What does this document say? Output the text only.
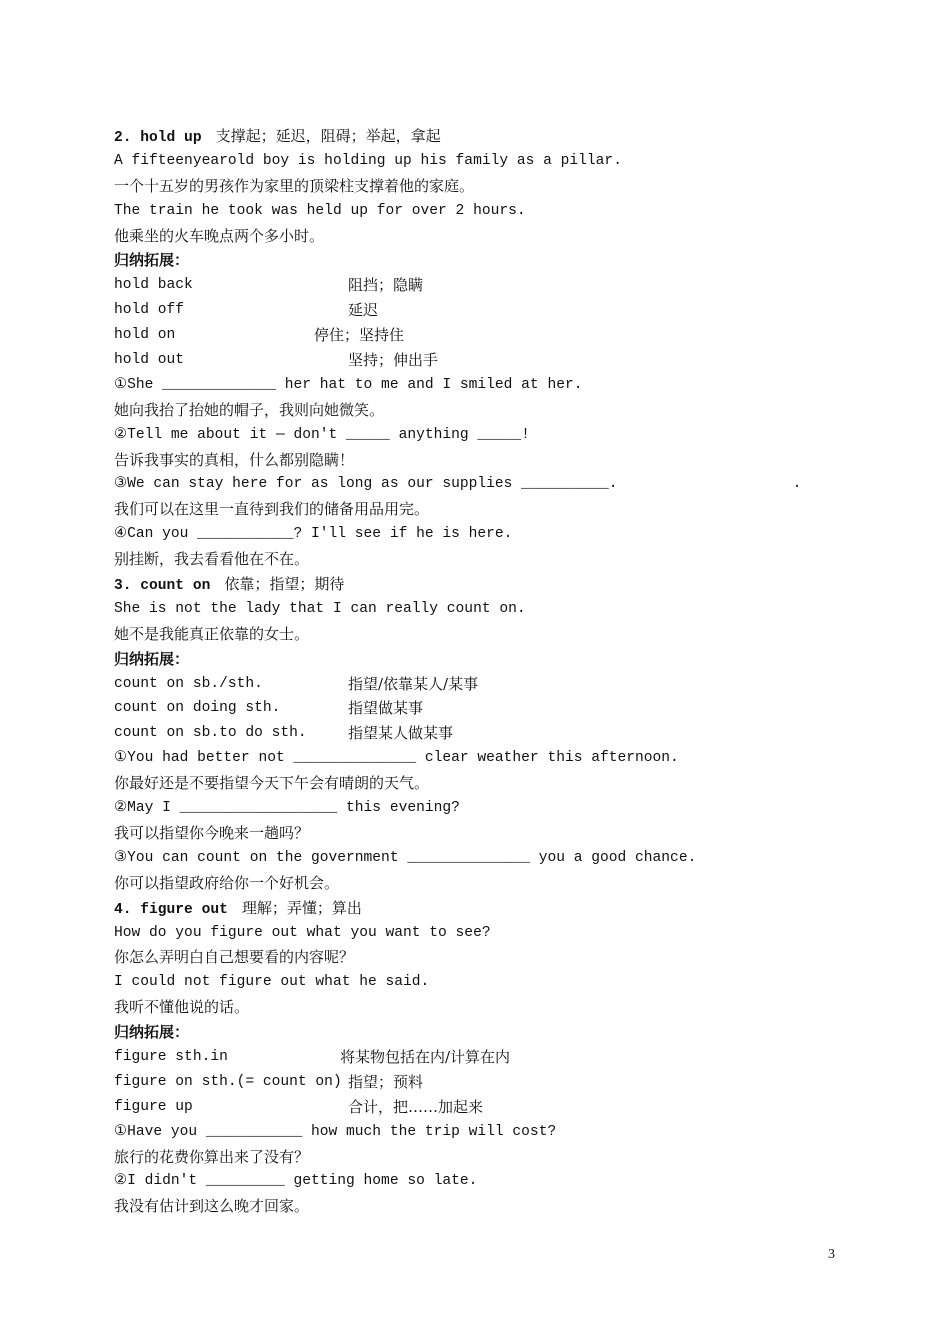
2. hold up 支撑起；延迟，阻碍；举起，拿起
A fifteenyearold boy is holding up his family as a pillar.
一个十五岁的男孩作为家里的顶梁柱支撑着他的家庭。
The train he took was held up for over 2 hours.
他乘坐的火车晚点两个多小时。
归纳拓展：
hold back	阻挡；隐瞒
hold off	延迟
hold on	停住；坚持住
hold out	坚持；伸出手
①She _____________ her hat to me and I smiled at her.
她向我抬了抬她的帽子，我则向她微笑。
②Tell me about it — don't _____ anything _____!
告诉我事实的真相，什么都别隐瞒！
③We can stay here for as long as our supplies __________.                    .
我们可以在这里一直待到我们的储备用品用完。
④Can you ___________? I'll see if he is here.
别挂断，我去看看他在不在。
3. count on 依靠；指望；期待
She is not the lady that I can really count on.
她不是我能真正依靠的女士。
归纳拓展：
count on sb./sth.	指望/依靠某人/某事
count on doing sth.	指望做某事
count on sb.to do sth.	指望某人做某事
①You had better not ______________ clear weather this afternoon.
你最好还是不要指望今天下午会有晴朗的天气。
②May I __________________ this evening?
我可以指望你今晚来一趟吗？
③You can count on the government ______________ you a good chance.
你可以指望政府给你一个好机会。
4. figure out 理解；弄懂；算出
How do you figure out what you want to see?
你怎么弄明白自己想要看的内容呢？
I could not figure out what he said.
我听不懂他说的话。
归纳拓展：
figure sth.in	将某物包括在内/计算在内
figure on sth.(= count on) 指望；预料
figure up	合计，把……加起来
①Have you ___________ how much the trip will cost?
旅行的花费你算出来了没有？
②I didn't _________ getting home so late.
我没有估计到这么晚才回家。
3
